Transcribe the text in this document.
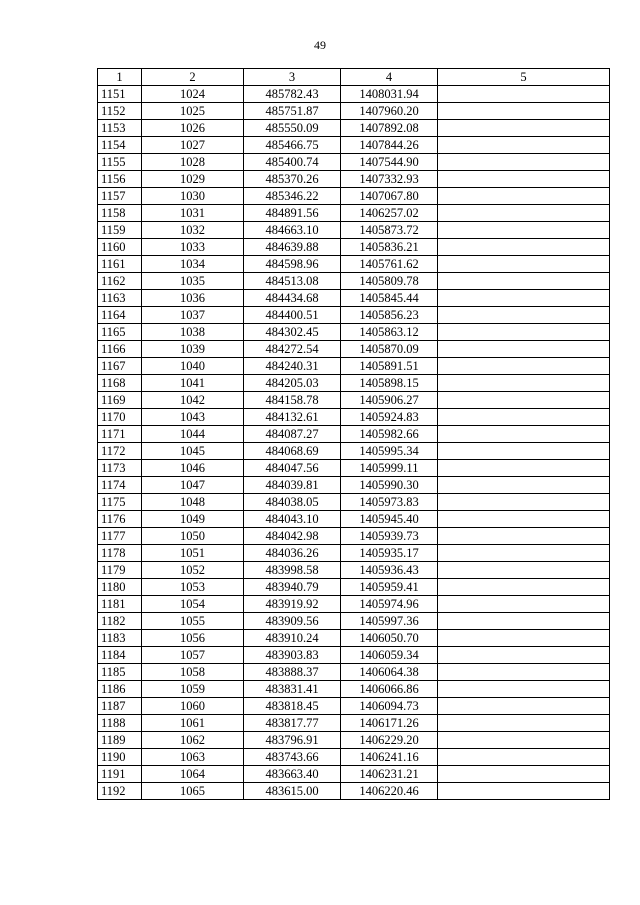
49
1	2	3	4	5
1151	1024	485782.43	1408031.94	
1152	1025	485751.87	1407960.20	
1153	1026	485550.09	1407892.08	
1154	1027	485466.75	1407844.26	
1155	1028	485400.74	1407544.90	
1156	1029	485370.26	1407332.93	
1157	1030	485346.22	1407067.80	
1158	1031	484891.56	1406257.02	
1159	1032	484663.10	1405873.72	
1160	1033	484639.88	1405836.21	
1161	1034	484598.96	1405761.62	
1162	1035	484513.08	1405809.78	
1163	1036	484434.68	1405845.44	
1164	1037	484400.51	1405856.23	
1165	1038	484302.45	1405863.12	
1166	1039	484272.54	1405870.09	
1167	1040	484240.31	1405891.51	
1168	1041	484205.03	1405898.15	
1169	1042	484158.78	1405906.27	
1170	1043	484132.61	1405924.83	
1171	1044	484087.27	1405982.66	
1172	1045	484068.69	1405995.34	
1173	1046	484047.56	1405999.11	
1174	1047	484039.81	1405990.30	
1175	1048	484038.05	1405973.83	
1176	1049	484043.10	1405945.40	
1177	1050	484042.98	1405939.73	
1178	1051	484036.26	1405935.17	
1179	1052	483998.58	1405936.43	
1180	1053	483940.79	1405959.41	
1181	1054	483919.92	1405974.96	
1182	1055	483909.56	1405997.36	
1183	1056	483910.24	1406050.70	
1184	1057	483903.83	1406059.34	
1185	1058	483888.37	1406064.38	
1186	1059	483831.41	1406066.86	
1187	1060	483818.45	1406094.73	
1188	1061	483817.77	1406171.26	
1189	1062	483796.91	1406229.20	
1190	1063	483743.66	1406241.16	
1191	1064	483663.40	1406231.21	
1192	1065	483615.00	1406220.46	
